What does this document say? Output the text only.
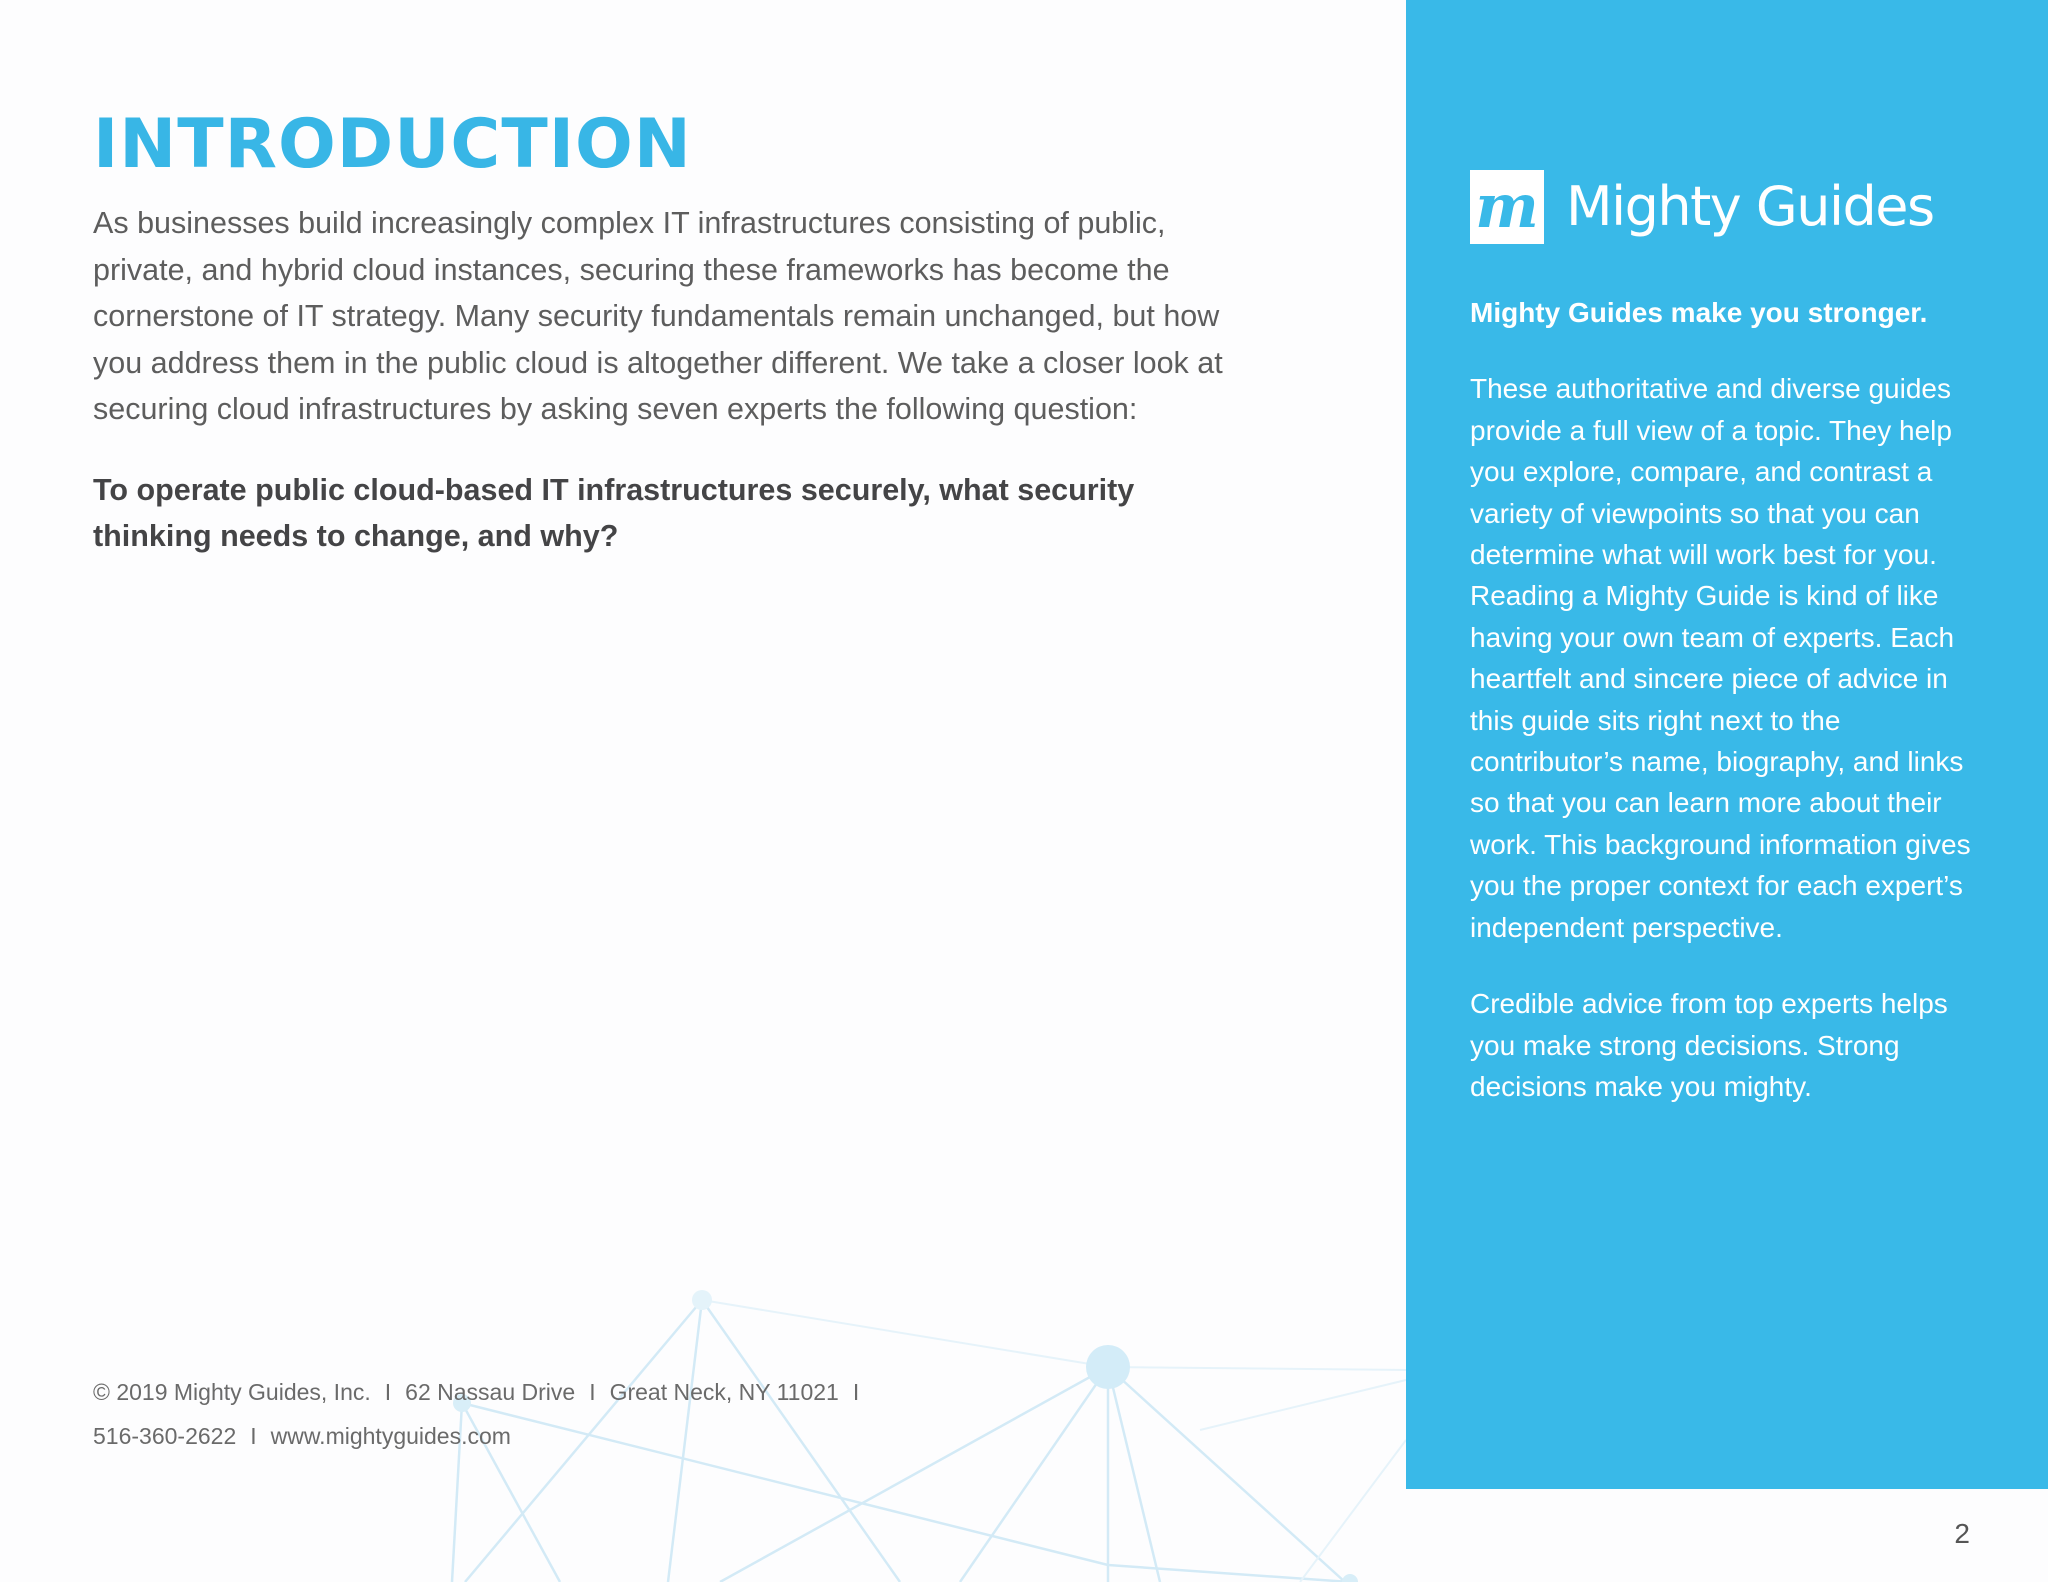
INTRODUCTION

As businesses build increasingly complex IT infrastructures consisting of public, private, and hybrid cloud instances, securing these frameworks has become the cornerstone of IT strategy. Many security fundamentals remain unchanged, but how you address them in the public cloud is altogether different. We take a closer look at securing cloud infrastructures by asking seven experts the following question:

To operate public cloud-based IT infrastructures securely, what security thinking needs to change, and why?

© 2019 Mighty Guides, Inc. I 62 Nassau Drive I Great Neck, NY 11021 I
516-360-2622 I www.mightyguides.com
m Mighty Guides

Mighty Guides make you stronger.

These authoritative and diverse guides provide a full view of a topic. They help you explore, compare, and contrast a variety of viewpoints so that you can determine what will work best for you. Reading a Mighty Guide is kind of like having your own team of experts. Each heartfelt and sincere piece of advice in this guide sits right next to the contributor’s name, biography, and links so that you can learn more about their work. This background information gives you the proper context for each expert’s independent perspective.

Credible advice from top experts helps you make strong decisions. Strong decisions make you mighty.

2
